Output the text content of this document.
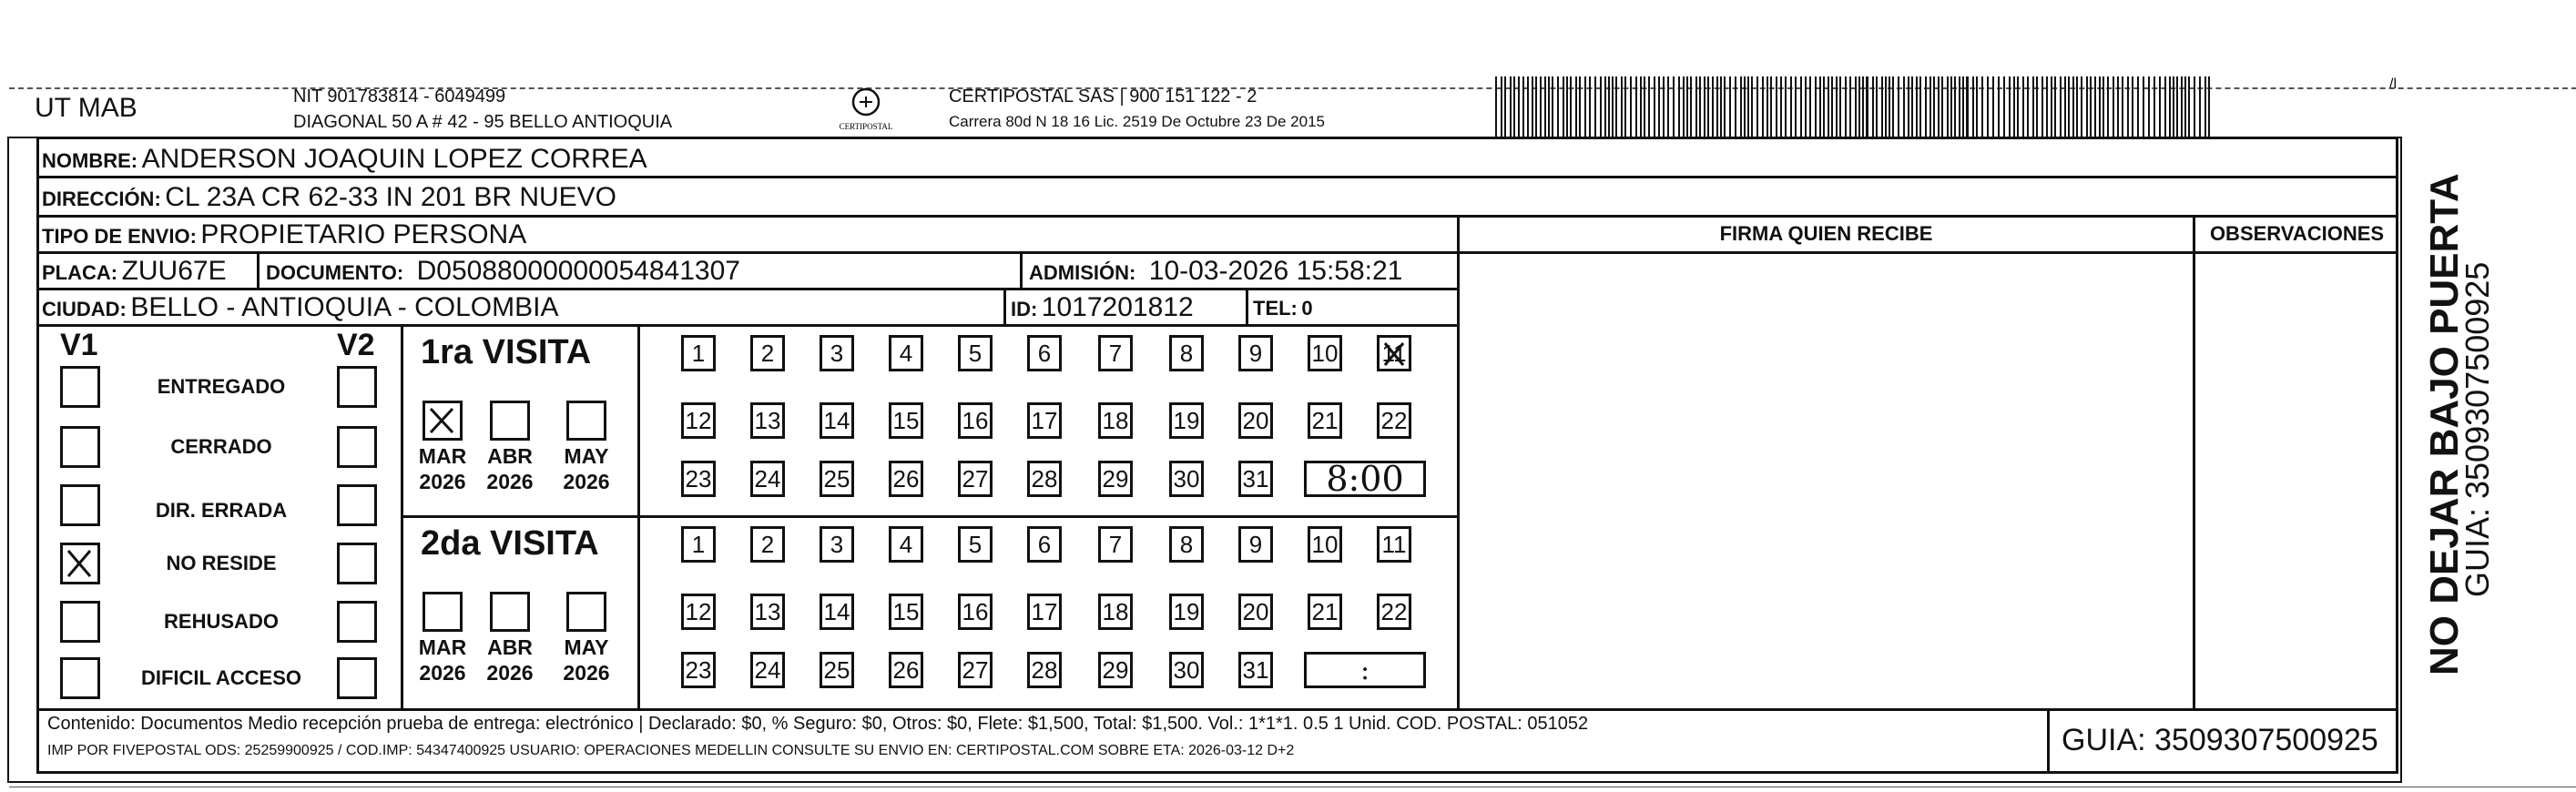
UT MAB	NIT 901783814 - 6049499
DIAGONAL 50 A # 42 - 95 BELLO ANTIOQUIA	CERTIPOSTAL
CERTIPOSTAL SAS | 900 151 122 - 2
Carrera 80d N 18 16 Lic. 2519 De Octubre 23 De 2015
/l
NOMBRE: ANDERSON JOAQUIN LOPEZ CORREA
DIRECCIÓN: CL 23A CR 62-33 IN 201 BR NUEVO
TIPO DE ENVIO: PROPIETARIO PERSONA
PLACA: ZUU67E DOCUMENTO: D05088000000054841307	ADMISIÓN: 10-03-2026 15:58:21
CIUDAD: BELLO - ANTIOQUIA - COLOMBIA	ID: 1017201812	TEL: 0
FIRMA QUIEN RECIBE	OBSERVACIONES
V1	V2
ENTREGADO
CERRADO
DIR. ERRADA
NO RESIDE
REHUSADO
DIFICIL ACCESO
1ra VISITA
MAR
2026
ABR
2026
MAY
2026
1	2	3	4	5	6	7	8	9	10 11
12 13 14 15 16 17 18 19 20 21 22
23 24 25 26 27 28 29 30 31	8:00
2da VISITA
MAR
2026
ABR
2026
MAY
2026
1	2	3	4	5	6	7	8	9	10 11
12 13 14 15 16 17 18 19 20 21 22
23 24 25 26 27 28 29 30 31	:
Contenido: Documentos Medio recepción prueba de entrega: electrónico | Declarado: $0, % Seguro: $0, Otros: $0, Flete: $1,500, Total: $1,500. Vol.: 1*1*1. 0.5 1 Unid. COD. POSTAL: 051052
IMP POR FIVEPOSTAL ODS: 25259900925 / COD.IMP: 54347400925 USUARIO: OPERACIONES MEDELLIN CONSULTE SU ENVIO EN: CERTIPOSTAL.COM SOBRE ETA: 2026-03-12 D+2	GUIA: 3509307500925
NO DEJAR BAJO PUERTA
GUIA: 3509307500925
